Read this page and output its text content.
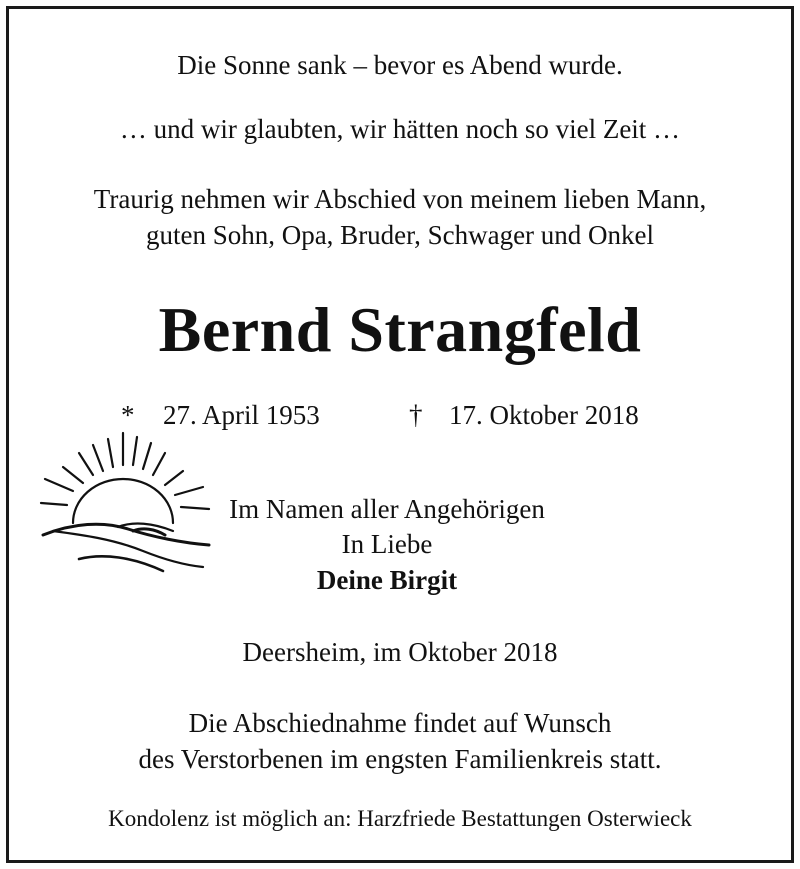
Die Sonne sank – bevor es Abend wurde.
… und wir glaubten, wir hätten noch so viel Zeit …
Traurig nehmen wir Abschied von meinem lieben Mann,
guten Sohn, Opa, Bruder, Schwager und Onkel
Bernd Strangfeld
* 27. April 1953	† 17. Oktober 2018
Im Namen aller Angehörigen
In Liebe
Deine Birgit
Deersheim, im Oktober 2018
Die Abschiednahme findet auf Wunsch
des Verstorbenen im engsten Familienkreis statt.
Kondolenz ist möglich an: Harzfriede Bestattungen Osterwieck
